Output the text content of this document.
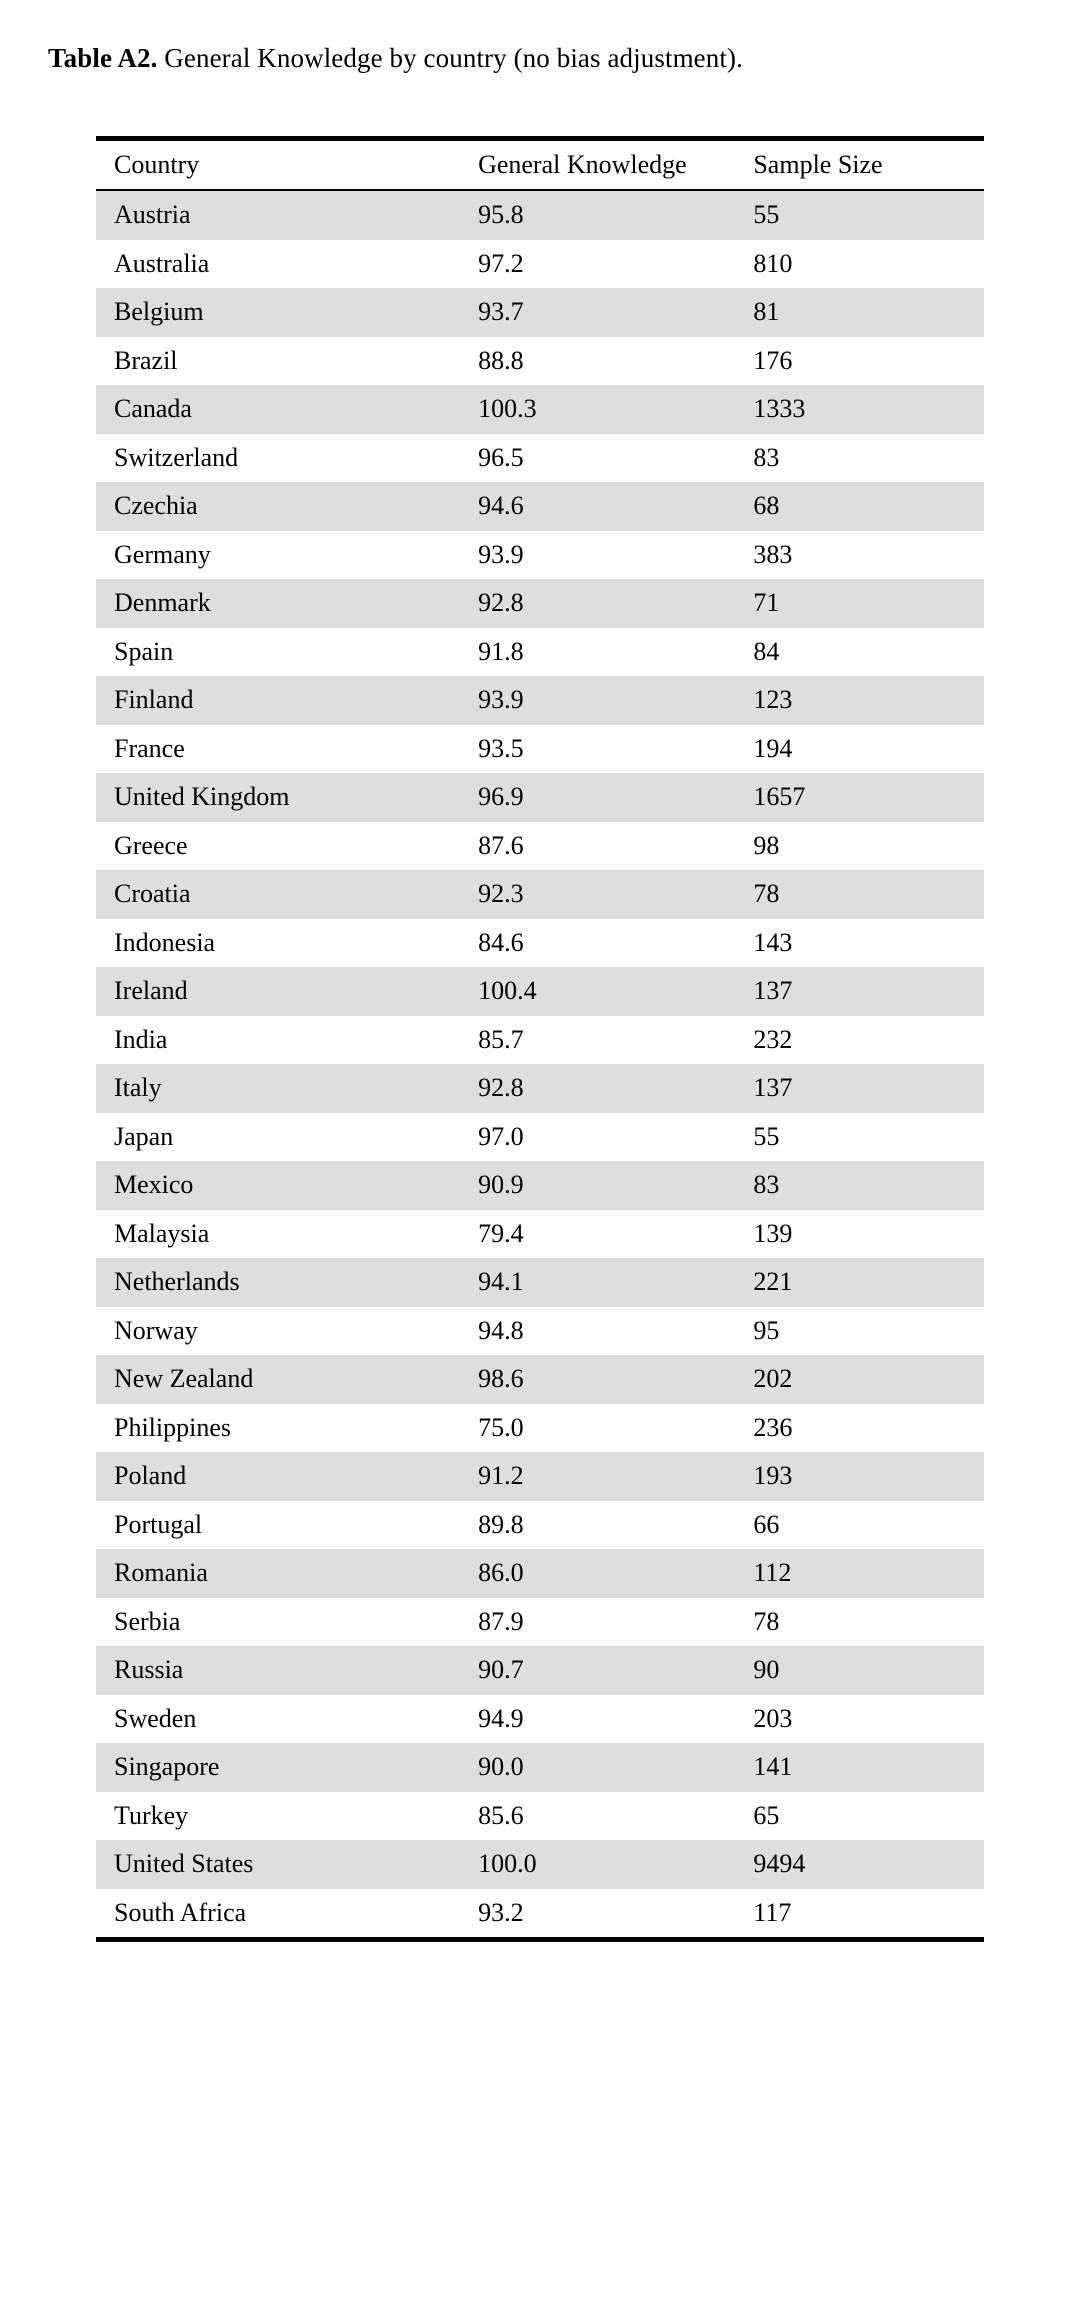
Table A2. General Knowledge by country (no bias adjustment).

Country	General Knowledge	Sample Size
Austria	95.8	55
Australia	97.2	810
Belgium	93.7	81
Brazil	88.8	176
Canada	100.3	1333
Switzerland	96.5	83
Czechia	94.6	68
Germany	93.9	383
Denmark	92.8	71
Spain	91.8	84
Finland	93.9	123
France	93.5	194
United Kingdom	96.9	1657
Greece	87.6	98
Croatia	92.3	78
Indonesia	84.6	143
Ireland	100.4	137
India	85.7	232
Italy	92.8	137
Japan	97.0	55
Mexico	90.9	83
Malaysia	79.4	139
Netherlands	94.1	221
Norway	94.8	95
New Zealand	98.6	202
Philippines	75.0	236
Poland	91.2	193
Portugal	89.8	66
Romania	86.0	112
Serbia	87.9	78
Russia	90.7	90
Sweden	94.9	203
Singapore	90.0	141
Turkey	85.6	65
United States	100.0	9494
South Africa	93.2	117
